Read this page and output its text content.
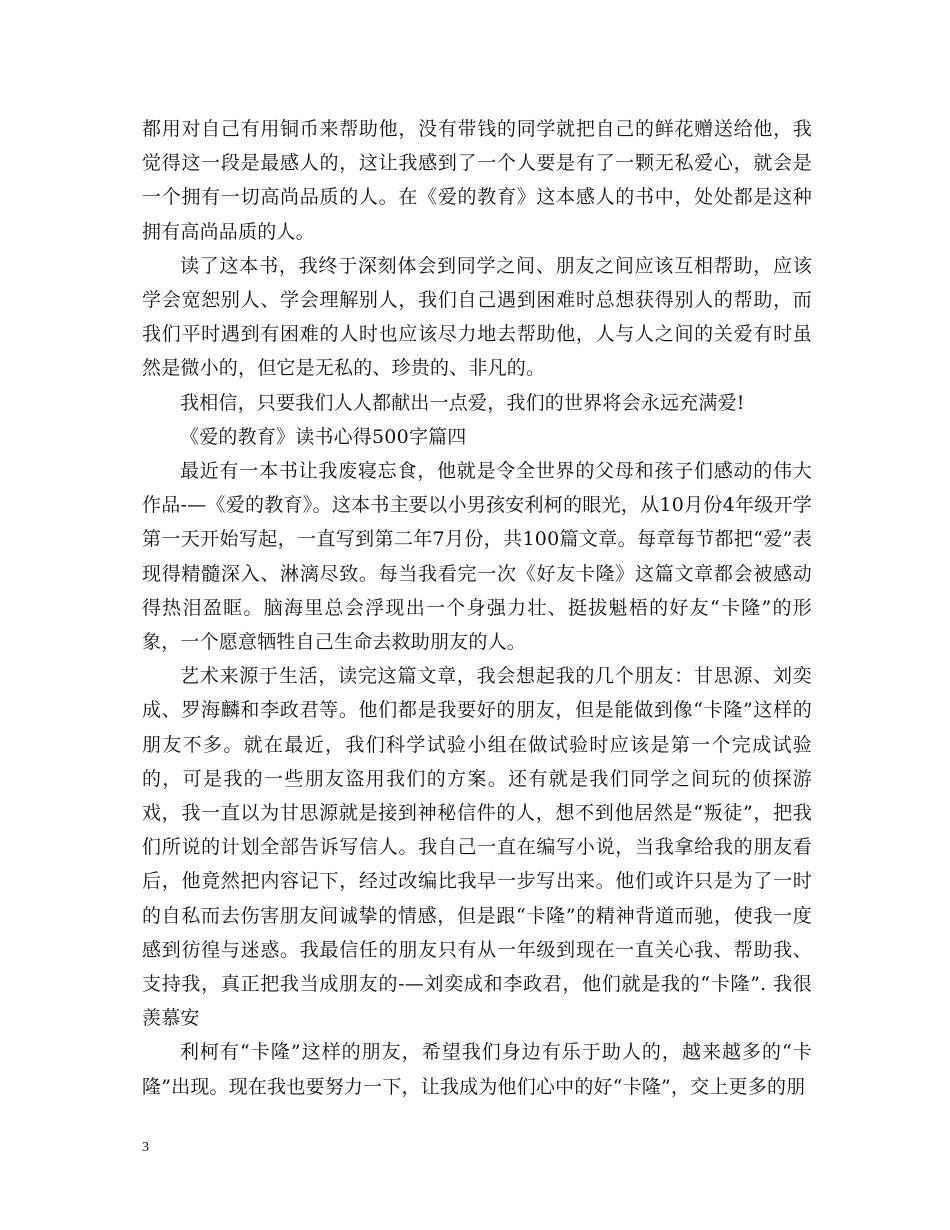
都用对自己有用铜币来帮助他，没有带钱的同学就把自己的鲜花赠送给他，我觉得这一段是最感人的，这让我感到了一个人要是有了一颗无私爱心，就会是一个拥有一切高尚品质的人。在《爱的教育》这本感人的书中，处处都是这种拥有高尚品质的人。

读了这本书，我终于深刻体会到同学之间、朋友之间应该互相帮助，应该学会宽恕别人、学会理解别人，我们自己遇到困难时总想获得别人的帮助，而我们平时遇到有困难的人时也应该尽力地去帮助他，人与人之间的关爱有时虽然是微小的，但它是无私的、珍贵的、非凡的。

我相信，只要我们人人都献出一点爱，我们的世界将会永远充满爱!

《爱的教育》读书心得500字篇四

最近有一本书让我废寝忘食，他就是令全世界的父母和孩子们感动的伟大作品-—《爱的教育》。这本书主要以小男孩安利柯的眼光，从10月份4年级开学第一天开始写起，一直写到第二年7月份，共100篇文章。每章每节都把“爱”表现得精髓深入、淋漓尽致。每当我看完一次《好友卡隆》这篇文章都会被感动得热泪盈眶。脑海里总会浮现出一个身强力壮、挺拔魁梧的好友“卡隆”的形象，一个愿意牺牲自己生命去救助朋友的人。

艺术来源于生活，读完这篇文章，我会想起我的几个朋友：甘思源、刘奕成、罗海麟和李政君等。他们都是我要好的朋友，但是能做到像“卡隆”这样的朋友不多。就在最近，我们科学试验小组在做试验时应该是第一个完成试验的，可是我的一些朋友盗用我们的方案。还有就是我们同学之间玩的侦探游戏，我一直以为甘思源就是接到神秘信件的人，想不到他居然是“叛徒”，把我们所说的计划全部告诉写信人。我自己一直在编写小说，当我拿给我的朋友看后，他竟然把内容记下，经过改编比我早一步写出来。他们或许只是为了一时的自私而去伤害朋友间诚挚的情感，但是跟“卡隆”的精神背道而驰，使我一度感到彷徨与迷惑。我最信任的朋友只有从一年级到现在一直关心我、帮助我、支持我，真正把我当成朋友的-—刘奕成和李政君，他们就是我的“卡隆”. 我很羡慕安

利柯有“卡隆”这样的朋友，希望我们身边有乐于助人的，越来越多的“卡隆”出现。现在我也要努力一下，让我成为他们心中的好“卡隆”，交上更多的朋

3
